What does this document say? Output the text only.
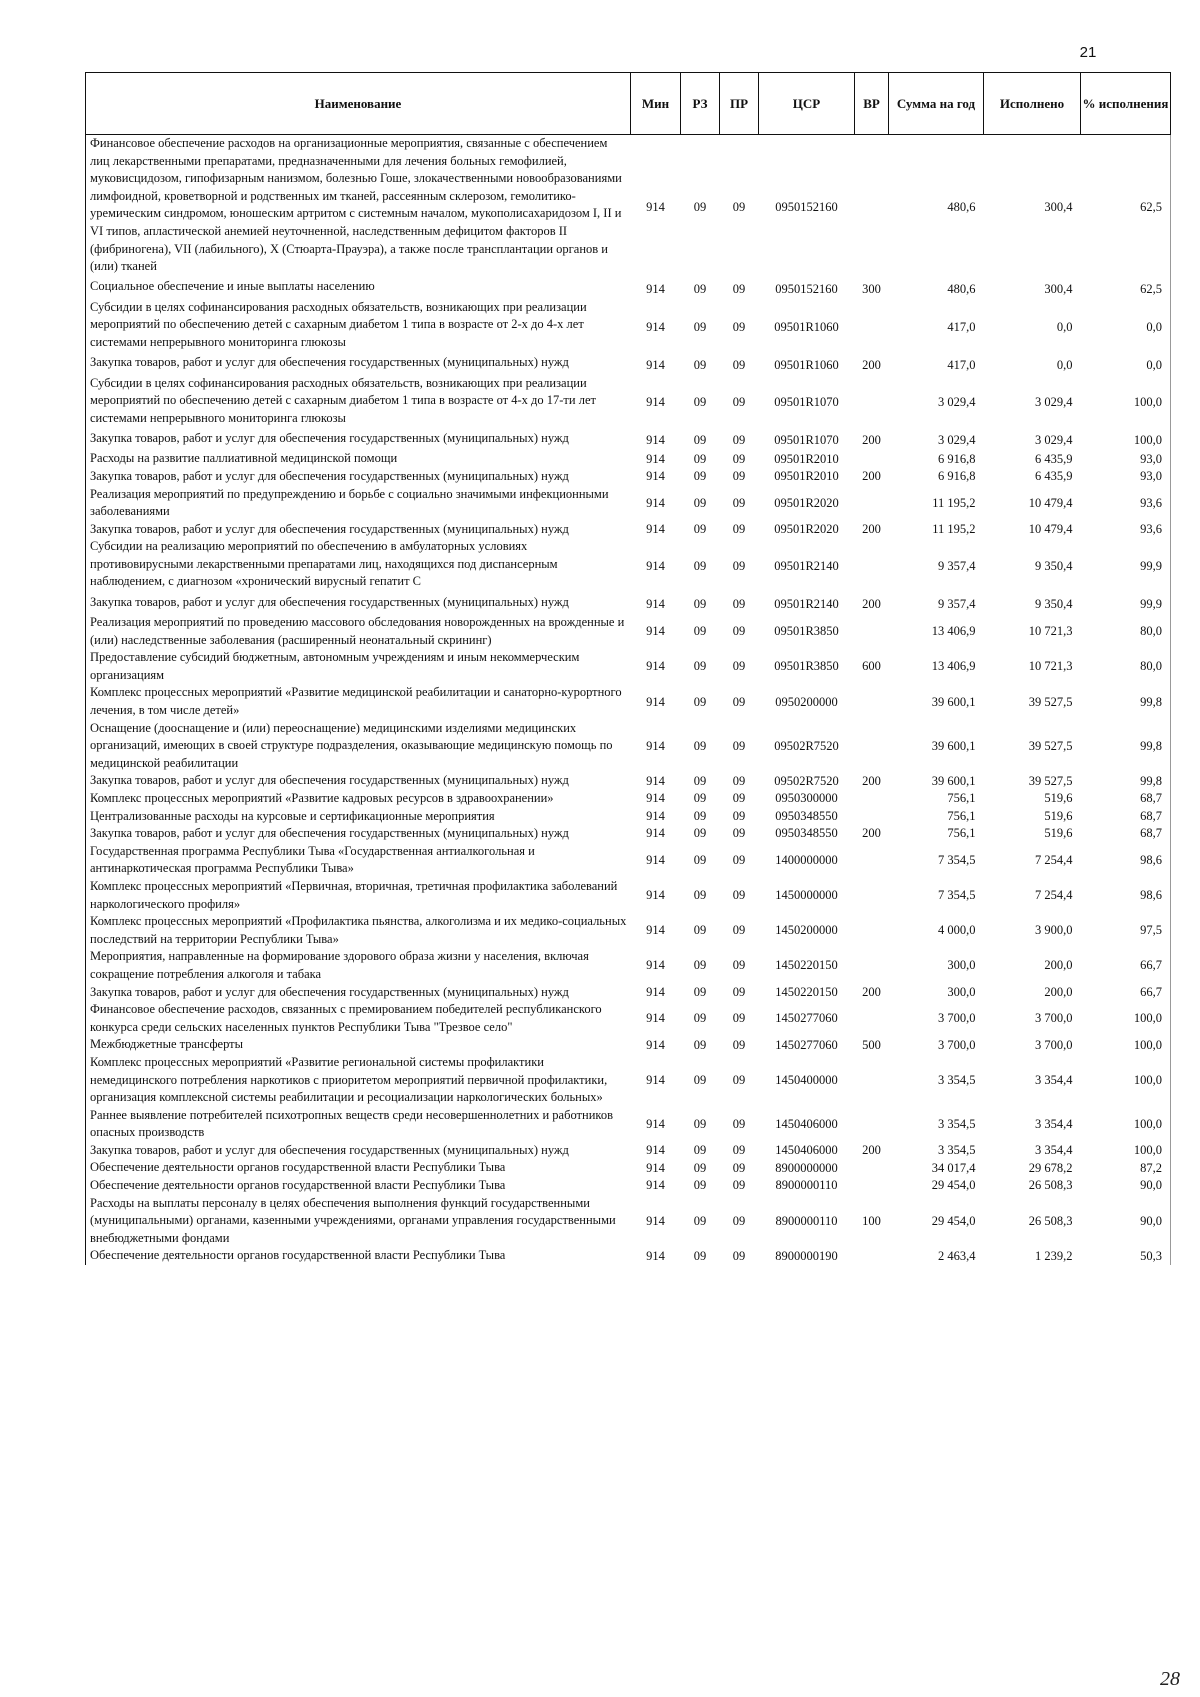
21
Наименование	Мин	РЗ	ПР	ЦСР	ВР	Сумма на год	Исполнено	% исполнения
Финансовое обеспечение расходов на организационные мероприятия, связанные с обеспечением лиц лекарственными препаратами, предназначенными для лечения больных гемофилией, муковисцидозом, гипофизарным нанизмом, болезнью Гоше, злокачественными новообразованиями лимфоидной, кроветворной и родственных им тканей, рассеянным склерозом, гемолитико-уремическим синдромом, юношеским артритом с системным началом, мукополисахаридозом I, II и VI типов, апластической анемией неуточненной, наследственным дефицитом факторов II (фибриногена), VII (лабильного), X (Стюарта-Прауэра), а также после трансплантации органов и (или) тканей	914	09	09	0950152160		480,6	300,4	62,5
Социальное обеспечение и иные выплаты населению	914	09	09	0950152160	300	480,6	300,4	62,5
Субсидии в целях софинансирования расходных обязательств, возникающих при реализации мероприятий по обеспечению детей с сахарным диабетом 1 типа в возрасте от 2-х до 4-х лет системами непрерывного мониторинга глюкозы	914	09	09	09501R1060		417,0	0,0	0,0
Закупка товаров, работ и услуг для обеспечения государственных (муниципальных) нужд	914	09	09	09501R1060	200	417,0	0,0	0,0
Субсидии в целях софинансирования расходных обязательств, возникающих при реализации мероприятий по обеспечению детей с сахарным диабетом 1 типа в возрасте от 4-х до 17-ти лет системами непрерывного мониторинга глюкозы	914	09	09	09501R1070		3 029,4	3 029,4	100,0
Закупка товаров, работ и услуг для обеспечения государственных (муниципальных) нужд	914	09	09	09501R1070	200	3 029,4	3 029,4	100,0
Расходы на развитие паллиативной медицинской помощи	914	09	09	09501R2010		6 916,8	6 435,9	93,0
Закупка товаров, работ и услуг для обеспечения государственных (муниципальных) нужд	914	09	09	09501R2010	200	6 916,8	6 435,9	93,0
Реализация мероприятий по предупреждению и борьбе с социально значимыми инфекционными заболеваниями	914	09	09	09501R2020		11 195,2	10 479,4	93,6
Закупка товаров, работ и услуг для обеспечения государственных (муниципальных) нужд	914	09	09	09501R2020	200	11 195,2	10 479,4	93,6
Субсидии на реализацию мероприятий по обеспечению в амбулаторных условиях противовирусными лекарственными препаратами лиц, находящихся под диспансерным наблюдением, с диагнозом «хронический вирусный гепатит С	914	09	09	09501R2140		9 357,4	9 350,4	99,9
Закупка товаров, работ и услуг для обеспечения государственных (муниципальных) нужд	914	09	09	09501R2140	200	9 357,4	9 350,4	99,9
Реализация мероприятий по проведению массового обследования новорожденных на врожденные и (или) наследственные заболевания (расширенный неонатальный скрининг)	914	09	09	09501R3850		13 406,9	10 721,3	80,0
Предоставление субсидий бюджетным, автономным учреждениям и иным некоммерческим организациям	914	09	09	09501R3850	600	13 406,9	10 721,3	80,0
Комплекс процессных мероприятий «Развитие медицинской реабилитации и санаторно-курортного лечения, в том числе детей»	914	09	09	0950200000		39 600,1	39 527,5	99,8
Оснащение (дооснащение и (или) переоснащение) медицинскими изделиями медицинских организаций, имеющих в своей структуре подразделения, оказывающие медицинскую помощь по медицинской реабилитации	914	09	09	09502R7520		39 600,1	39 527,5	99,8
Закупка товаров, работ и услуг для обеспечения государственных (муниципальных) нужд	914	09	09	09502R7520	200	39 600,1	39 527,5	99,8
Комплекс процессных мероприятий «Развитие кадровых ресурсов в здравоохранении»	914	09	09	0950300000		756,1	519,6	68,7
Централизованные расходы на курсовые и сертификационные мероприятия	914	09	09	0950348550		756,1	519,6	68,7
Закупка товаров, работ и услуг для обеспечения государственных (муниципальных) нужд	914	09	09	0950348550	200	756,1	519,6	68,7
Государственная программа Республики Тыва «Государственная антиалкогольная и антинаркотическая программа Республики Тыва»	914	09	09	1400000000		7 354,5	7 254,4	98,6
Комплекс процессных мероприятий «Первичная, вторичная, третичная профилактика заболеваний наркологического профиля»	914	09	09	1450000000		7 354,5	7 254,4	98,6
Комплекс процессных мероприятий «Профилактика пьянства, алкоголизма и их медико-социальных последствий на территории Республики Тыва»	914	09	09	1450200000		4 000,0	3 900,0	97,5
Мероприятия, направленные на формирование здорового образа жизни у населения, включая сокращение потребления алкоголя и табака	914	09	09	1450220150		300,0	200,0	66,7
Закупка товаров, работ и услуг для обеспечения государственных (муниципальных) нужд	914	09	09	1450220150	200	300,0	200,0	66,7
Финансовое обеспечение расходов, связанных с премированием победителей республиканского конкурса среди сельских населенных пунктов Республики Тыва "Трезвое село"	914	09	09	1450277060		3 700,0	3 700,0	100,0
Межбюджетные трансферты	914	09	09	1450277060	500	3 700,0	3 700,0	100,0
Комплекс процессных мероприятий «Развитие региональной системы профилактики немедицинского потребления наркотиков с приоритетом мероприятий первичной профилактики, организация комплексной системы реабилитации и ресоциализации наркологических больных»	914	09	09	1450400000		3 354,5	3 354,4	100,0
Раннее выявление потребителей психотропных веществ среди несовершеннолетних и работников опасных производств	914	09	09	1450406000		3 354,5	3 354,4	100,0
Закупка товаров, работ и услуг для обеспечения государственных (муниципальных) нужд	914	09	09	1450406000	200	3 354,5	3 354,4	100,0
Обеспечение деятельности органов государственной власти Республики Тыва	914	09	09	8900000000		34 017,4	29 678,2	87,2
Обеспечение деятельности органов государственной власти Республики Тыва	914	09	09	8900000110		29 454,0	26 508,3	90,0
Расходы на выплаты персоналу в целях обеспечения выполнения функций государственными (муниципальными) органами, казенными учреждениями, органами управления государственными внебюджетными фондами	914	09	09	8900000110	100	29 454,0	26 508,3	90,0
Обеспечение деятельности органов государственной власти Республики Тыва	914	09	09	8900000190		2 463,4	1 239,2	50,3
28
